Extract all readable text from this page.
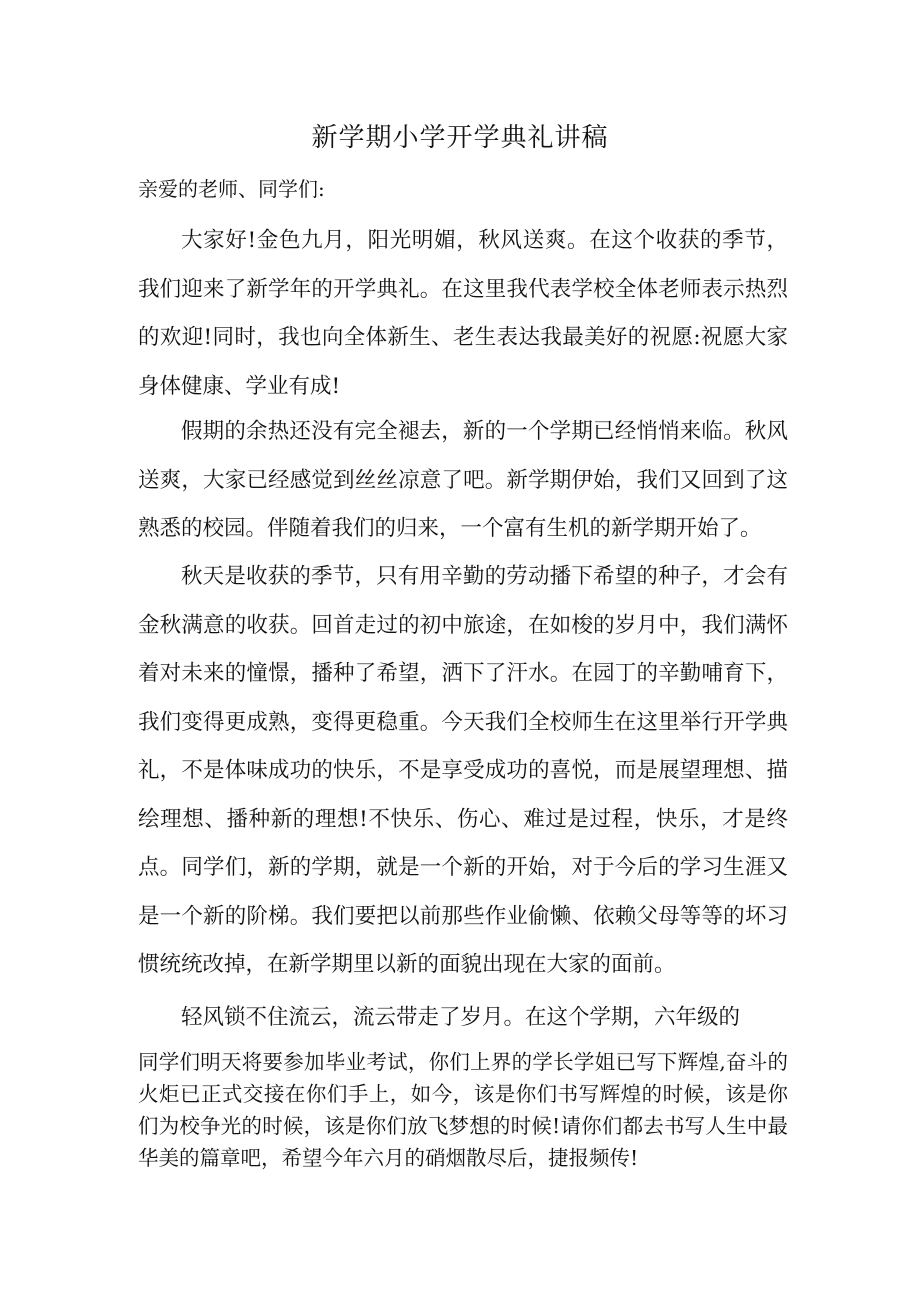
新学期小学开学典礼讲稿

亲爱的老师、同学们:

大家好!金色九月，阳光明媚，秋风送爽。在这个收获的季节，我们迎来了新学年的开学典礼。在这里我代表学校全体老师表示热烈的欢迎!同时，我也向全体新生、老生表达我最美好的祝愿:祝愿大家身体健康、学业有成!

假期的余热还没有完全褪去，新的一个学期已经悄悄来临。秋风送爽，大家已经感觉到丝丝凉意了吧。新学期伊始，我们又回到了这熟悉的校园。伴随着我们的归来，一个富有生机的新学期开始了。

秋天是收获的季节，只有用辛勤的劳动播下希望的种子，才会有金秋满意的收获。回首走过的初中旅途，在如梭的岁月中，我们满怀着对未来的憧憬，播种了希望，洒下了汗水。在园丁的辛勤哺育下，我们变得更成熟，变得更稳重。今天我们全校师生在这里举行开学典礼，不是体味成功的快乐，不是享受成功的喜悦，而是展望理想、描绘理想、播种新的理想!不快乐、伤心、难过是过程，快乐，才是终点。同学们，新的学期，就是一个新的开始，对于今后的学习生涯又是一个新的阶梯。我们要把以前那些作业偷懒、依赖父母等等的坏习惯统统改掉，在新学期里以新的面貌出现在大家的面前。

轻风锁不住流云，流云带走了岁月。在这个学期，六年级的

同学们明天将要参加毕业考试，你们上界的学长学姐已写下辉煌,奋斗的火炬已正式交接在你们手上，如今，该是你们书写辉煌的时候，该是你们为校争光的时候，该是你们放飞梦想的时候!请你们都去书写人生中最华美的篇章吧，希望今年六月的硝烟散尽后，捷报频传!
